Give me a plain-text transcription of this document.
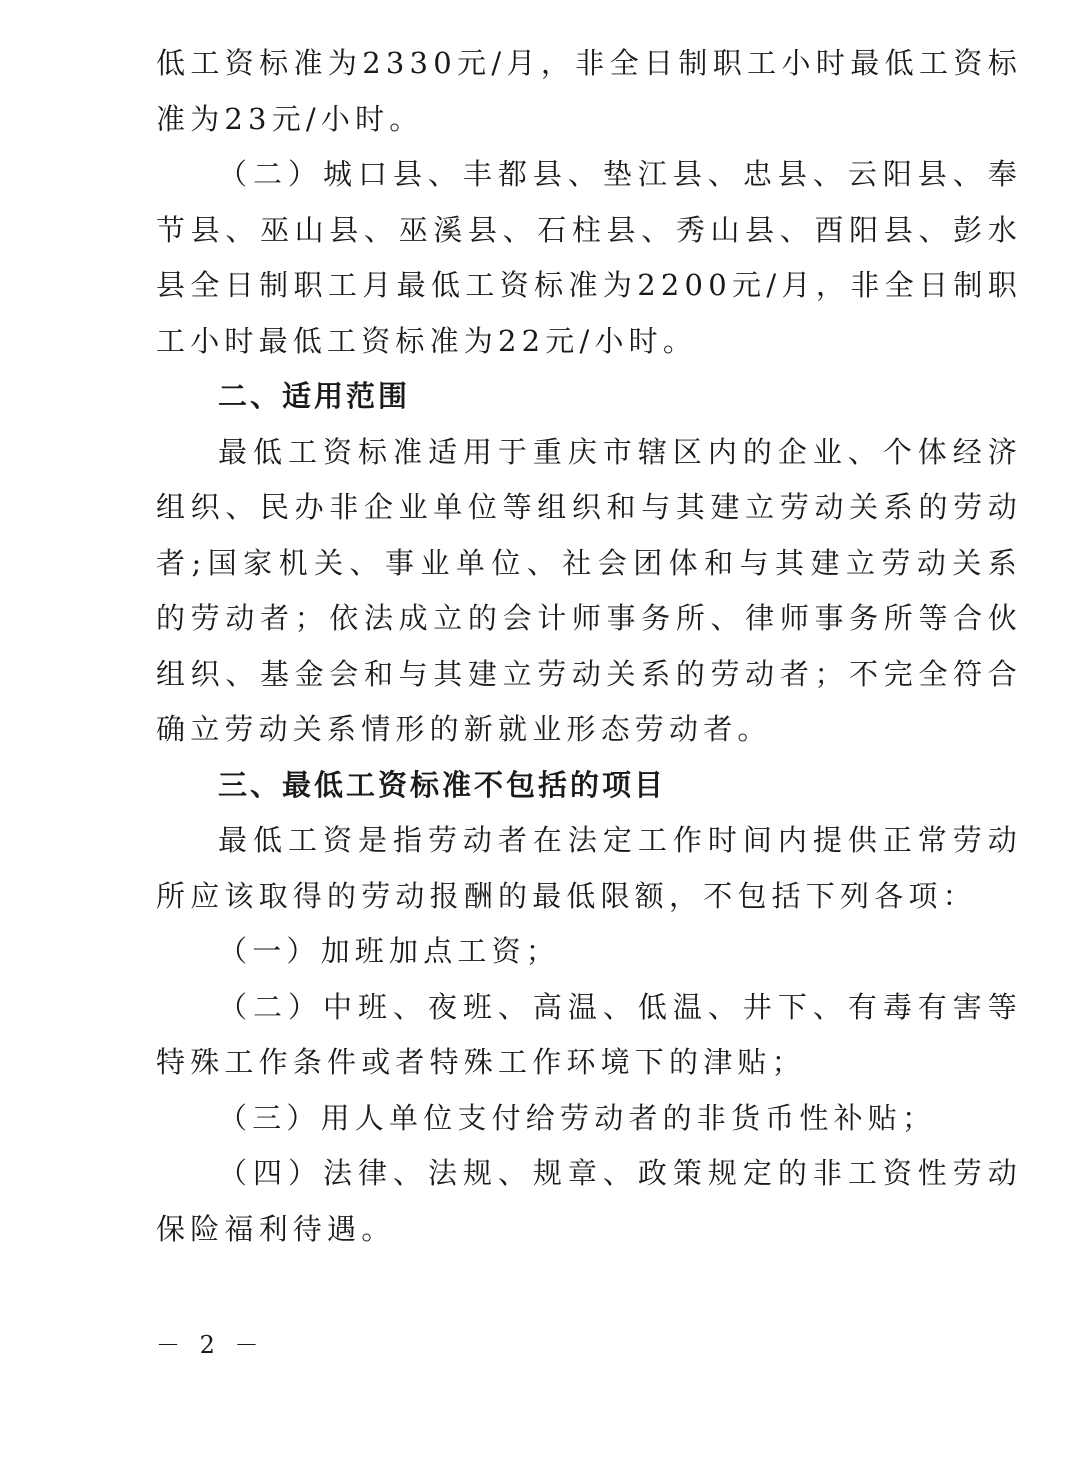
低工资标准为2330元/月，非全日制职工小时最低工资标准为23元/小时。

（二）城口县、丰都县、垫江县、忠县、云阳县、奉节县、巫山县、巫溪县、石柱县、秀山县、酉阳县、彭水县全日制职工月最低工资标准为2200元/月，非全日制职工小时最低工资标准为22元/小时。

二、适用范围

最低工资标准适用于重庆市辖区内的企业、个体经济组织、民办非企业单位等组织和与其建立劳动关系的劳动者;国家机关、事业单位、社会团体和与其建立劳动关系的劳动者；依法成立的会计师事务所、律师事务所等合伙组织、基金会和与其建立劳动关系的劳动者；不完全符合确立劳动关系情形的新就业形态劳动者。

三、最低工资标准不包括的项目

最低工资是指劳动者在法定工作时间内提供正常劳动所应该取得的劳动报酬的最低限额，不包括下列各项：

（一）加班加点工资；

（二）中班、夜班、高温、低温、井下、有毒有害等特殊工作条件或者特殊工作环境下的津贴；

（三）用人单位支付给劳动者的非货币性补贴；

（四）法律、法规、规章、政策规定的非工资性劳动保险福利待遇。

－ 2 －
